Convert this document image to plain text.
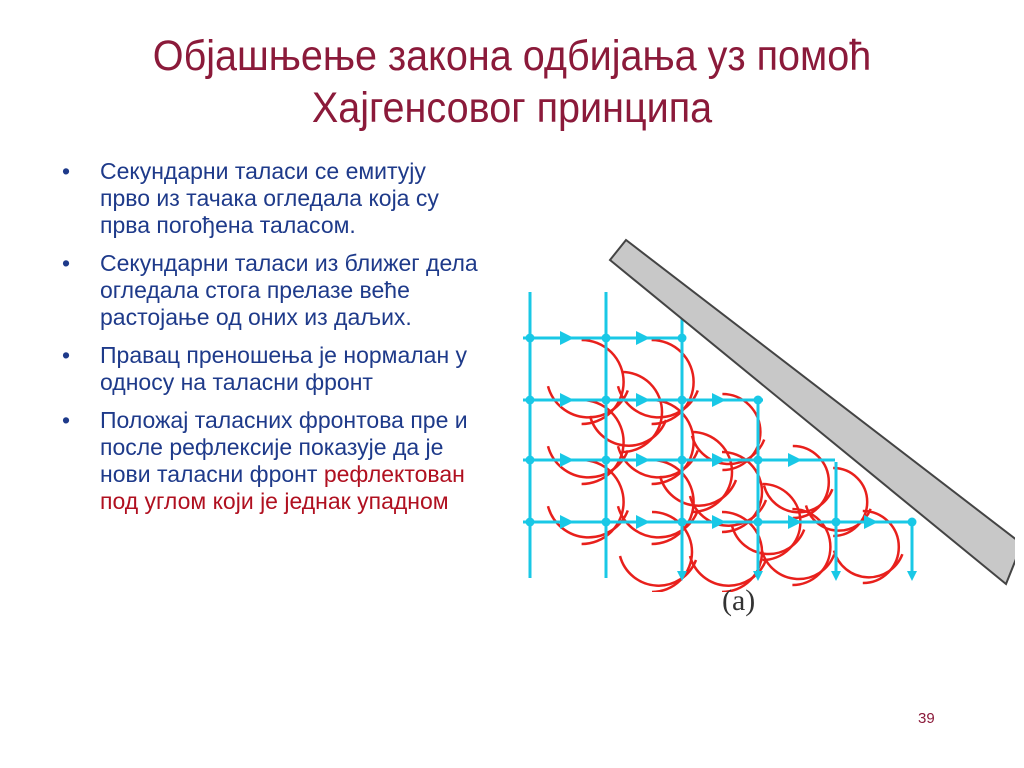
Објашњење закона одбијања уз помоћ
Хајгенсовог принципа
• Секундарни таласи се емитују прво из тачака огледала која су прва погођена таласом.
• Секундарни таласи из ближег дела огледала стога прелазе веће растојање од оних из даљих.
• Правац преношења је нормалан у односу на таласни фронт
• Положај таласних фронтова пре и после рефлексије показује да је нови таласни фронт рефлектован под углом који је једнак упадном
(a)
39
